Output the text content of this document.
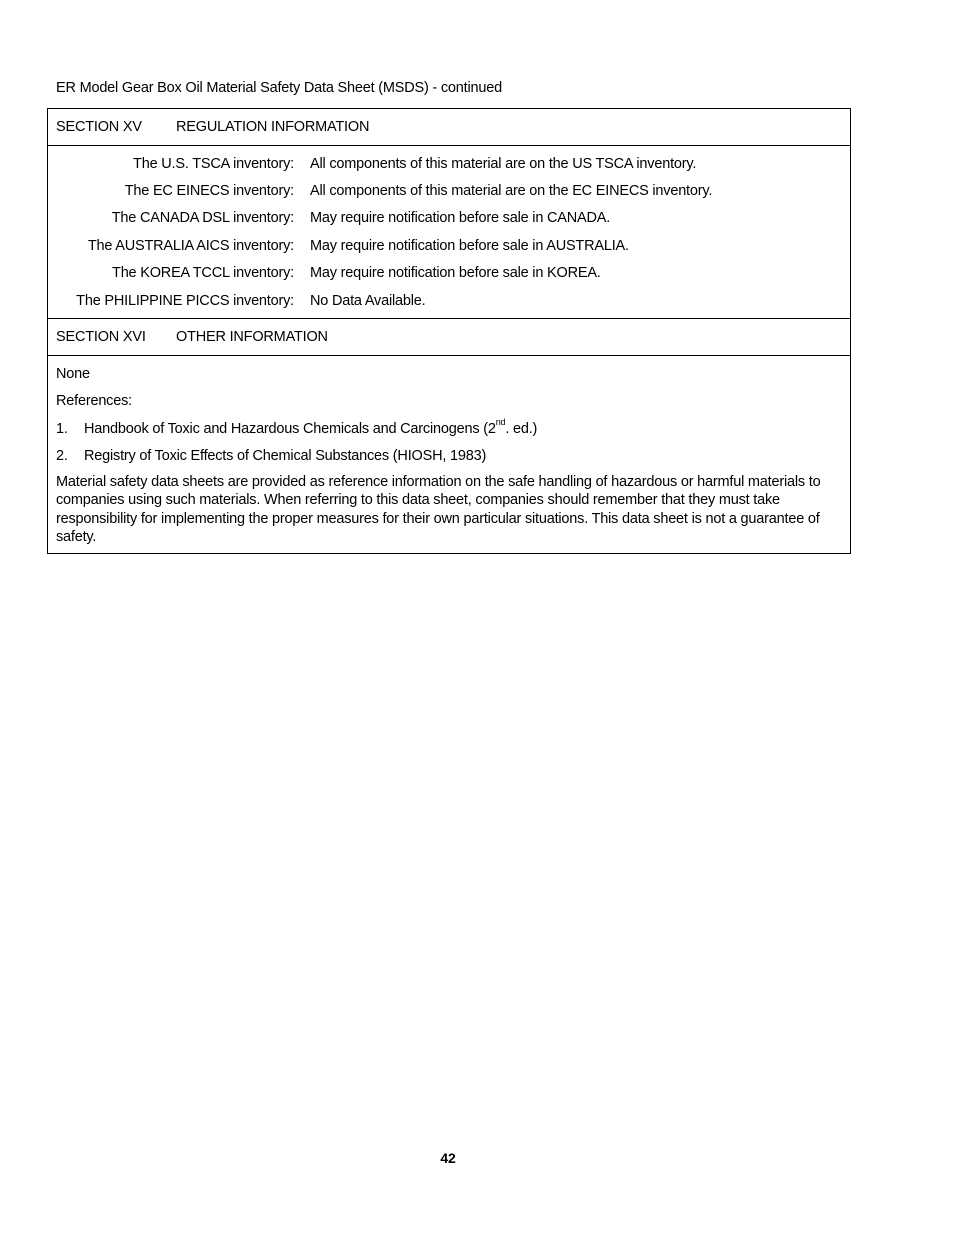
ER Model Gear Box Oil Material Safety Data Sheet (MSDS) - continued
SECTION XV REGULATION INFORMATION
The U.S. TSCA inventory: All components of this material are on the US TSCA inventory.
The EC EINECS inventory: All components of this material are on the EC EINECS inventory.
The CANADA DSL inventory: May require notification before sale in CANADA.
The AUSTRALIA AICS inventory: May require notification before sale in AUSTRALIA.
The KOREA TCCL inventory: May require notification before sale in KOREA.
The PHILIPPINE PICCS inventory: No Data Available.
SECTION XVI OTHER INFORMATION
None
References:
1.	Handbook of Toxic and Hazardous Chemicals and Carcinogens (2nd. ed.)
2.	Registry of Toxic Effects of Chemical Substances (HIOSH, 1983)
Material safety data sheets are provided as reference information on the safe handling of hazardous or harmful materials to companies using such materials. When referring to this data sheet, companies should remember that they must take responsibility for implementing the proper measures for their own particular situations. This data sheet is not a guarantee of safety.
42
